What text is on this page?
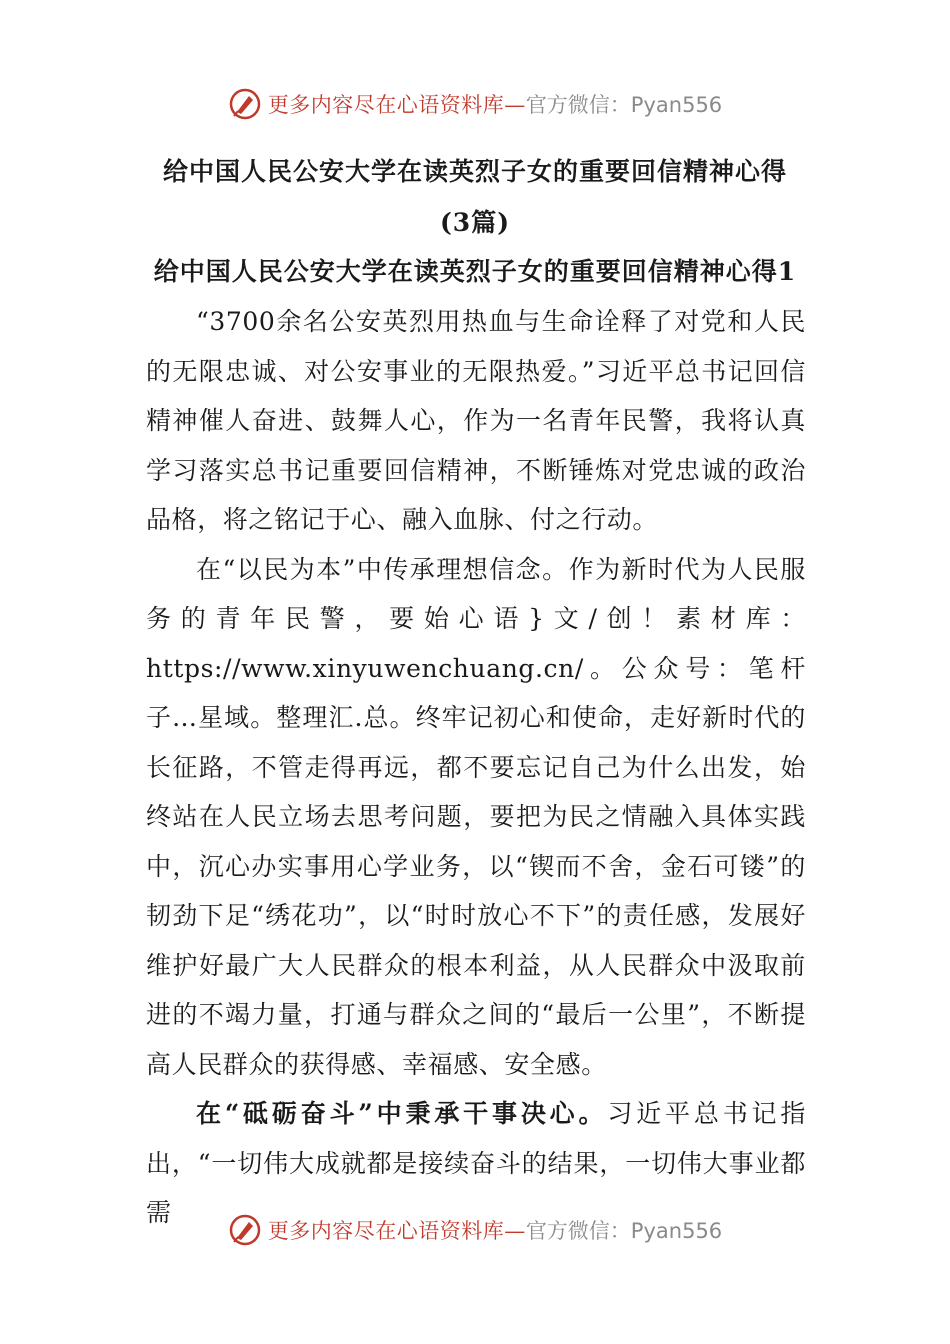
更多内容尽在心语资料库— 官方微信：Pyan556
给中国人民公安大学在读英烈子女的重要回信精神心得
(3篇)
给中国人民公安大学在读英烈子女的重要回信精神心得1

“3700余名公安英烈用热血与生命诠释了对党和人民的无限忠诚、对公安事业的无限热爱。”习近平总书记回信精神催人奋进、鼓舞人心，作为一名青年民警，我将认真学习落实总书记重要回信精神，不断锤炼对党忠诚的政治品格，将之铭记于心、融入血脉、付之行动。

在“以民为本”中传承理想信念。作为新时代为人民服务的青年民警，要始心语}文/创！素材库：https://www.xinyuwenchuang.cn/。公众号：笔杆子…星域。整理汇.总。终牢记初心和使命，走好新时代的长征路，不管走得再远，都不要忘记自己为什么出发，始终站在人民立场去思考问题，要把为民之情融入具体实践中，沉心办实事用心学业务，以“锲而不舍，金石可镂”的韧劲下足“绣花功”，以“时时放心不下”的责任感，发展好维护好最广大人民群众的根本利益，从人民群众中汲取前进的不竭力量，打通与群众之间的“最后一公里”，不断提高人民群众的获得感、幸福感、安全感。

在“砥砺奋斗”中秉承干事决心。习近平总书记指出，“一切伟大成就都是接续奋斗的结果，一切伟大事业都需

更多内容尽在心语资料库— 官方微信：Pyan556
